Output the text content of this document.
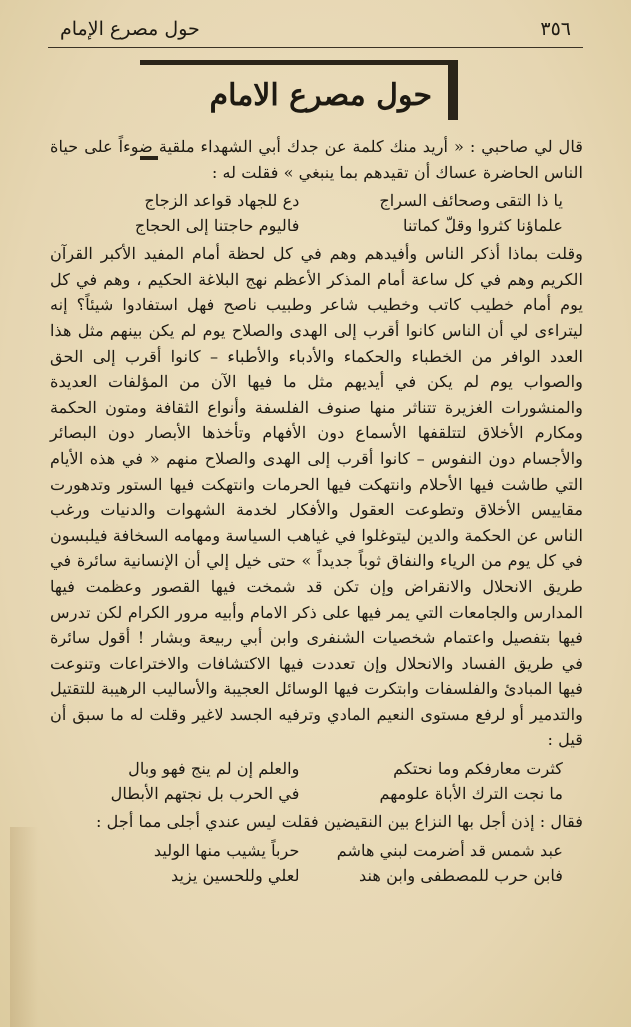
٣٥٦
حول مصرع الإمام
حول مصرع الامام

قال لي صاحبي : « أريد منك كلمة عن جدك أبي الشهداء ملقية ضوءاً على حياة الناس الحاضرة عساك أن تقيدهم بما ينبغي » فقلت له :

يا ذا التقى وصحائف السراج
دع للجهاد قواعد الزجاج
علماؤنا كثروا وقلّ كماتنا
فاليوم حاجتنا إلى الحجاج

وقلت بماذا أذكر الناس وأفيدهم وهم في كل لحظة أمام المفيد الأكبر القرآن الكريم وهم في كل ساعة أمام المذكر الأعظم نهج البلاغة الحكيم ، وهم في كل يوم أمام خطيب كاتب وخطيب شاعر وطبيب ناصح فهل استفادوا شيئاً؟ إنه ليتراءى لي أن الناس كانوا أقرب إلى الهدى والصلاح يوم لم يكن بينهم مثل هذا العدد الوافر من الخطباء والحكماء والأدباء والأطباء – كانوا أقرب إلى الحق والصواب يوم لم يكن في أيديهم مثل ما فيها الآن من المؤلفات العديدة والمنشورات الغزيرة تتناثر منها صنوف الفلسفة وأنواع الثقافة ومتون الحكمة ومكارم الأخلاق لتتلقفها الأسماع دون الأفهام وتأخذها الأبصار دون البصائر والأجسام دون النفوس – كانوا أقرب إلى الهدى والصلاح منهم « في هذه الأيام التي طاشت فيها الأحلام وانتهكت فيها الحرمات وانتهكت فيها الستور وتدهورت مقاييس الأخلاق وتطوعت العقول والأفكار لخدمة الشهوات والدنيات ورغب الناس عن الحكمة والدين ليتوغلوا في غياهب السياسة ومهامه السخافة فيلبسون في كل يوم من الرياء والنفاق ثوباً جديداً » حتى خيل إلي أن الإنسانية سائرة في طريق الانحلال والانقراض وإن تكن قد شمخت فيها القصور وعظمت فيها المدارس والجامعات التي يمر فيها على ذكر الامام وأبيه مرور الكرام لكن تدرس فيها بتفصيل واعتمام شخصيات الشنفرى وابن أبي ربيعة وبشار ! أقول سائرة في طريق الفساد والانحلال وإن تعددت فيها الاكتشافات والاختراعات وتنوعت فيها المبادئ والفلسفات وابتكرت فيها الوسائل العجيبة والأساليب الرهيبة للتقتيل والتدمير أو لرفع مستوى النعيم المادي وترفيه الجسد لاغير وقلت له ما سبق أن قيل :

كثرت معارفكم وما نحتكم
والعلم إن لم ينج فهو وبال
ما نجت الترك الأباة علومهم
في الحرب بل نجتهم الأبطال

فقال : إذن أجل بها النزاع بين النقيضين فقلت ليس عندي أجلى مما أجل :

عبد شمس قد أضرمت لبني هاشم
حرباً يشيب منها الوليد
فابن حرب للمصطفى وابن هند
لعلي وللحسين يزيد
